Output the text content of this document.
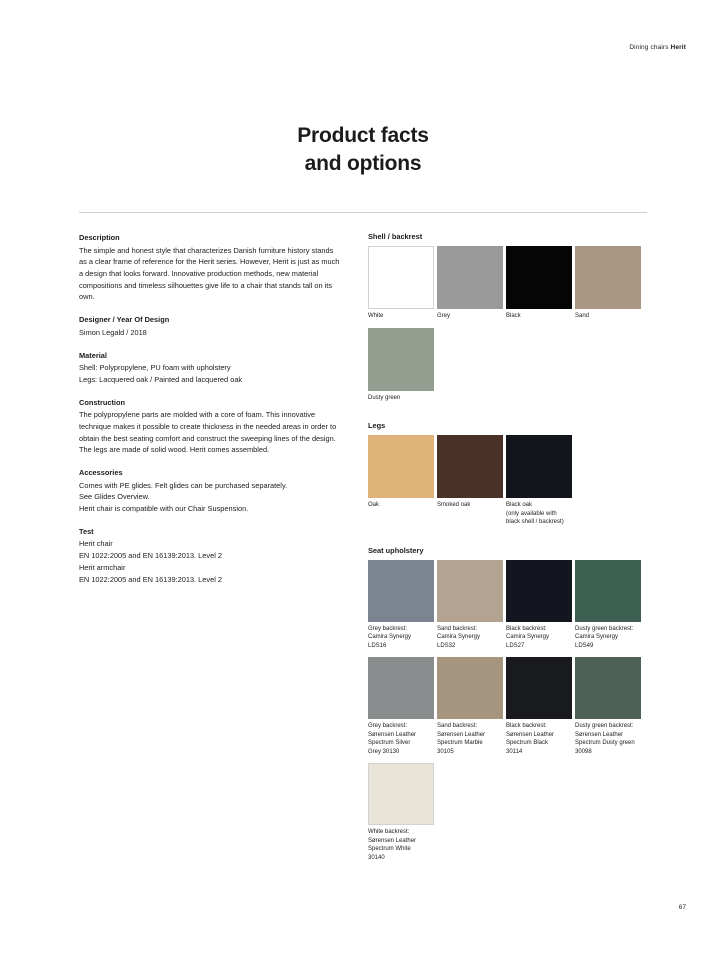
Dining chairs Herit
Product facts
and options
Description

The simple and honest style that characterizes Danish furniture history stands as a clear frame of reference for the Herit series. However, Herit is just as much a design that looks forward. Innovative production methods, new material compositions and timeless silhouettes give life to a chair that stands tall on its own.

Designer / Year Of Design

Simon Legald / 2018

Material

Shell: Polypropylene, PU foam with upholstery
Legs: Lacquered oak / Painted and lacquered oak

Construction

The polypropylene parts are molded with a core of foam. This innovative technique makes it possible to create thickness in the needed areas in order to obtain the best seating comfort and construct the sweeping lines of the design. The legs are made of solid wood. Herit comes assembled.

Accessories

Comes with PE glides. Felt glides can be purchased separately.
See Glides Overview.
Herit chair is compatible with our Chair Suspension.

Test

Herit chair
EN 1022:2005 and EN 16139:2013. Level 2
Herit armchair
EN 1022:2005 and EN 16139:2013. Level 2

Shell / backrest
White	Grey	Black	Sand
Dusty green
Legs
Oak	Smoked oak	Black oak
(only available with
black shell / backrest)
Seat upholstery
Grey backrest:
Camira Synergy
LDS16
Sand backrest:
Camira Synergy
LDS32
Black backrest:
Camira Synergy
LDS27
Dusty green backrest:
Camira Synergy
LDS49
Grey backrest:
Sørensen Leather
Spectrum Silver
Grey 30130
Sand backrest:
Sørensen Leather
Spectrum Marble
30105
Black backrest:
Sørensen Leather
Spectrum Black
30114
Dusty green backrest:
Sørensen Leather
Spectrum Dusty green
30098
White backrest:
Sørensen Leather
Spectrum White
30140
67
